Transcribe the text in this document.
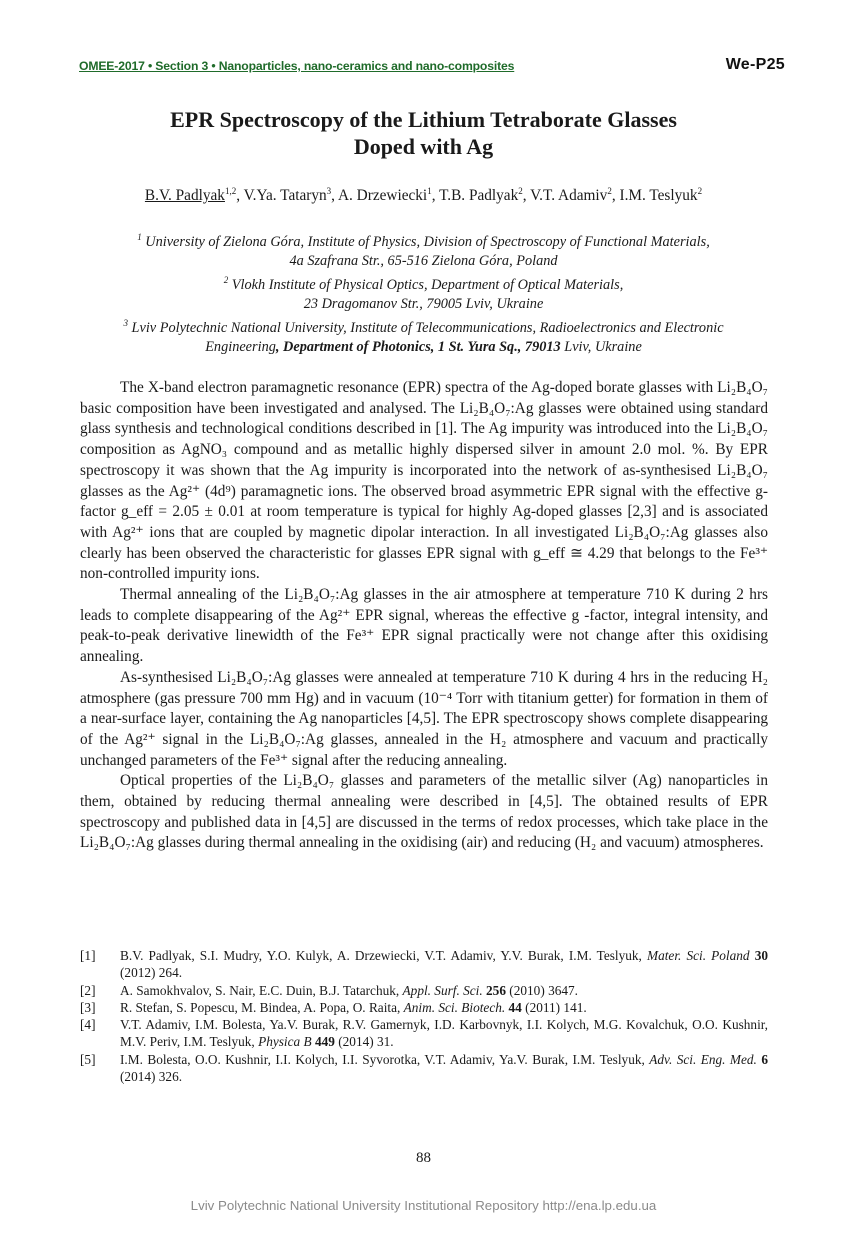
OMEE-2017 • Section 3 • Nanoparticles, nano-ceramics and nano-composites	We-P25
EPR Spectroscopy of the Lithium Tetraborate Glasses
Doped with Ag
B.V. Padlyak$^{1,2}$, V.Ya. Tataryn$^3$, A. Drzewiecki$^1$, T.B. Padlyak$^2$, V.T. Adamiv$^2$, I.M. Teslyuk$^2$
$^1$ University of Zielona Góra, Institute of Physics, Division of Spectroscopy of Functional Materials,
4a Szafrana Str., 65-516 Zielona Góra, Poland
$^2$ Vlokh Institute of Physical Optics, Department of Optical Materials,
23 Dragomanov Str., 79005 Lviv, Ukraine
$^3$ Lviv Polytechnic National University, Institute of Telecommunications, Radioelectronics and Electronic
Engineering, Department of Photonics, 1 St. Yura Sq., 79013 Lviv, Ukraine

The X-band electron paramagnetic resonance (EPR) spectra of the Ag-doped borate glasses with Li₂B₄O₇ basic composition have been investigated and analysed. The Li₂B₄O₇:Ag glasses were obtained using standard glass synthesis and technological conditions described in [1]. The Ag impurity was introduced into the Li₂B₄O₇ composition as AgNO₃ compound and as metallic highly dispersed silver in amount 2.0 mol. %. By EPR spectroscopy it was shown that the Ag impurity is incorporated into the network of as-synthesised Li₂B₄O₇ glasses as the Ag²⁺ (4d⁹) paramagnetic ions. The observed broad asymmetric EPR signal with the effective g-factor g_eff = 2.05 ± 0.01 at room temperature is typical for highly Ag-doped glasses [2,3] and is associated with Ag²⁺ ions that are coupled by magnetic dipolar interaction. In all investigated Li₂B₄O₇:Ag glasses also clearly has been observed the characteristic for glasses EPR signal with g_eff ≅ 4.29 that belongs to the Fe³⁺ non-controlled impurity ions.

Thermal annealing of the Li₂B₄O₇:Ag glasses in the air atmosphere at temperature 710 K during 2 hrs leads to complete disappearing of the Ag²⁺ EPR signal, whereas the effective g -factor, integral intensity, and peak-to-peak derivative linewidth of the Fe³⁺ EPR signal practically were not change after this oxidising annealing.

As-synthesised Li₂B₄O₇:Ag glasses were annealed at temperature 710 K during 4 hrs in the reducing H₂ atmosphere (gas pressure 700 mm Hg) and in vacuum (10⁻⁴ Torr with titanium getter) for formation in them of a near-surface layer, containing the Ag nanoparticles [4,5]. The EPR spectroscopy shows complete disappearing of the Ag²⁺ signal in the Li₂B₄O₇:Ag glasses, annealed in the H₂ atmosphere and vacuum and practically unchanged parameters of the Fe³⁺ signal after the reducing annealing.

Optical properties of the Li₂B₄O₇ glasses and parameters of the metallic silver (Ag) nanoparticles in them, obtained by reducing thermal annealing were described in [4,5]. The obtained results of EPR spectroscopy and published data in [4,5] are discussed in the terms of redox processes, which take place in the Li₂B₄O₇:Ag glasses during thermal annealing in the oxidising (air) and reducing (H₂ and vacuum) atmospheres.

[1]	B.V. Padlyak, S.I. Mudry, Y.O. Kulyk, A. Drzewiecki, V.T. Adamiv, Y.V. Burak, I.M. Teslyuk, Mater. Sci. Poland 30 (2012) 264.
[2]	A. Samokhvalov, S. Nair, E.C. Duin, B.J. Tatarchuk, Appl. Surf. Sci. 256 (2010) 3647.
[3]	R. Stefan, S. Popescu, M. Bindea, A. Popa, O. Raita, Anim. Sci. Biotech. 44 (2011) 141.
[4]	V.T. Adamiv, I.M. Bolesta, Ya.V. Burak, R.V. Gamernyk, I.D. Karbovnyk, I.I. Kolych, M.G. Kovalchuk, O.O. Kushnir, M.V. Periv, I.M. Teslyuk, Physica B 449 (2014) 31.
[5]	I.M. Bolesta, O.O. Kushnir, I.I. Kolych, I.I. Syvorotka, V.T. Adamiv, Ya.V. Burak, I.M. Teslyuk, Adv. Sci. Eng. Med. 6 (2014) 326.
88
Lviv Polytechnic National University Institutional Repository http://ena.lp.edu.ua
